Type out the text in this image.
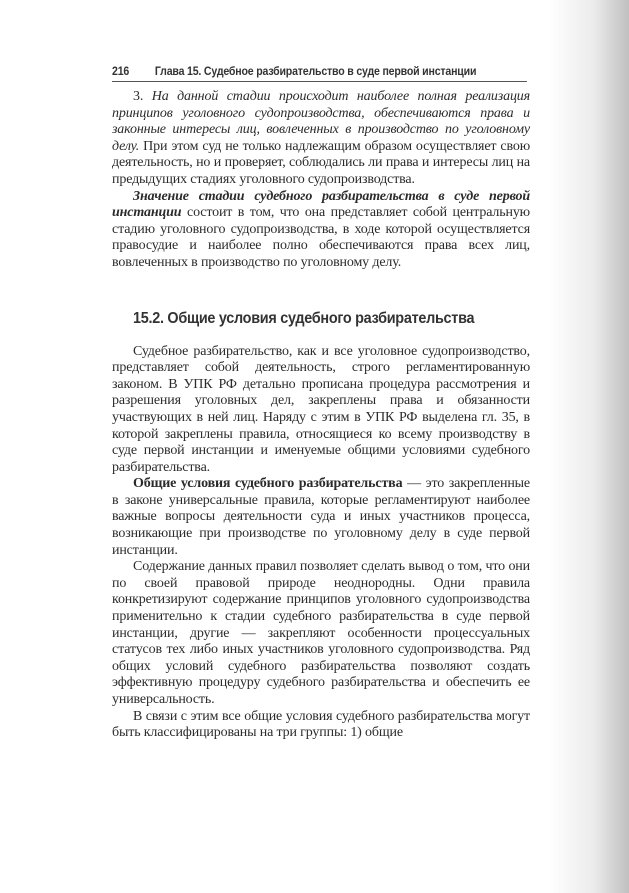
216 Глава 15. Судебное разбирательство в суде первой инстанции

3. На данной стадии происходит наиболее полная реализация принципов уголовного судопроизводства, обеспечиваются права и законные интересы лиц, вовлеченных в производство по уголовному делу. При этом суд не только надлежащим образом осуществляет свою деятельность, но и проверяет, соблюдались ли права и интересы лиц на предыдущих стадиях уголовного судопроизводства.

Значение стадии судебного разбирательства в суде первой инстанции состоит в том, что она представляет собой центральную стадию уголовного судопроизводства, в ходе которой осуществляется правосудие и наиболее полно обеспечиваются права всех лиц, вовлеченных в производство по уголовному делу.

15.2. Общие условия судебного разбирательства

Судебное разбирательство, как и все уголовное судопроизводство, представляет собой деятельность, строго регламентированную законом. В УПК РФ детально прописана процедура рассмотрения и разрешения уголовных дел, закреплены права и обязанности участвующих в ней лиц. Наряду с этим в УПК РФ выделена гл. 35, в которой закреплены правила, относящиеся ко всему производству в суде первой инстанции и именуемые общими условиями судебного разбирательства.

Общие условия судебного разбирательства — это закрепленные в законе универсальные правила, которые регламентируют наиболее важные вопросы деятельности суда и иных участников процесса, возникающие при производстве по уголовному делу в суде первой инстанции.

Содержание данных правил позволяет сделать вывод о том, что они по своей правовой природе неоднородны. Одни правила конкретизируют содержание принципов уголовного судопроизводства применительно к стадии судебного разбирательства в суде первой инстанции, другие — закрепляют особенности процессуальных статусов тех либо иных участников уголовного судопроизводства. Ряд общих условий судебного разбирательства позволяют создать эффективную процедуру судебного разбирательства и обеспечить ее универсальность.

В связи с этим все общие условия судебного разбирательства могут быть классифицированы на три группы: 1) общие
